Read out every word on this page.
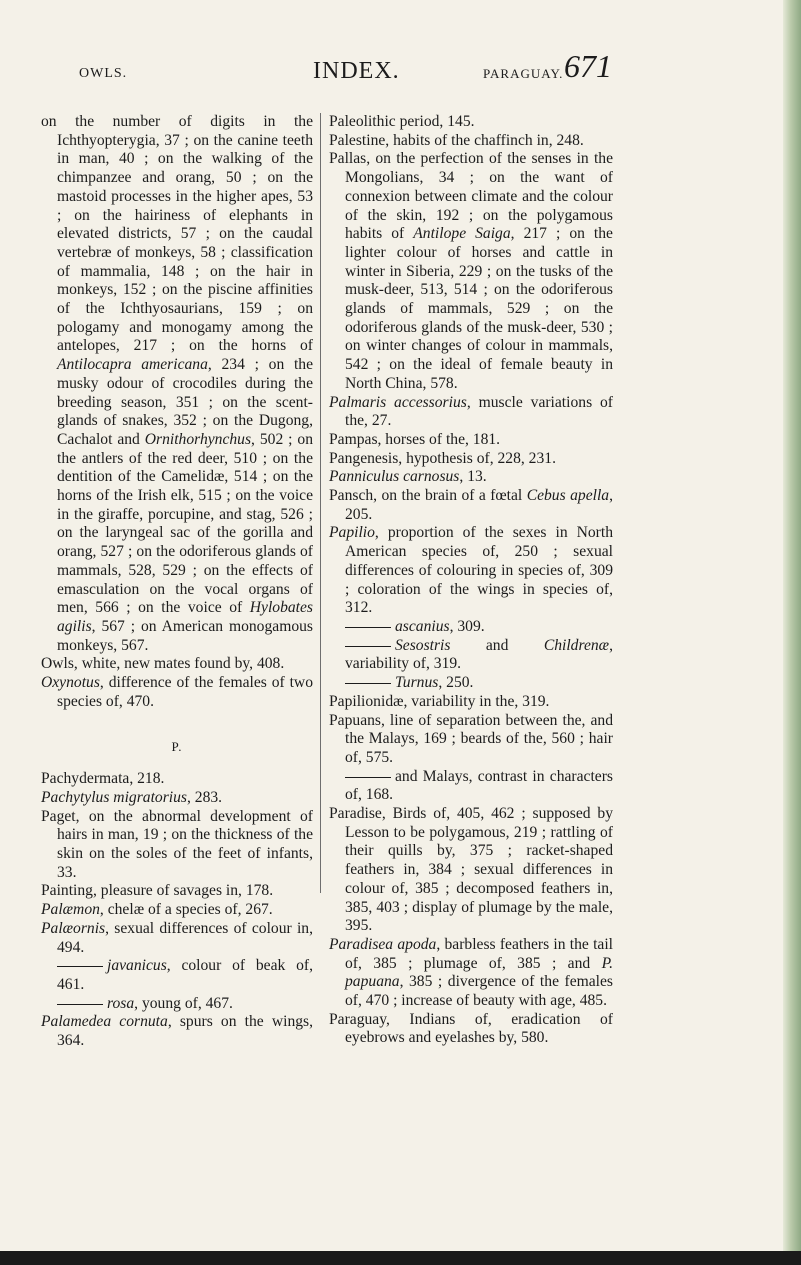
OWLS.	INDEX.	PARAGUAY. 671
on the number of digits in the Ichthyopterygia, 37 ; on the canine teeth in man, 40 ; on the walking of the chimpanzee and orang, 50 ; on the mastoid processes in the higher apes, 53 ; on the hairiness of elephants in elevated districts, 57 ; on the caudal vertebræ of monkeys, 58 ; classification of mammalia, 148 ; on the hair in monkeys, 152 ; on the piscine affinities of the Ichthyosaurians, 159 ; on pologamy and monogamy among the antelopes, 217 ; on the horns of Antilocapra americana, 234 ; on the musky odour of crocodiles during the breeding season, 351 ; on the scent-glands of snakes, 352 ; on the Dugong, Cachalot and Ornithorhynchus, 502 ; on the antlers of the red deer, 510 ; on the dentition of the Camelidæ, 514 ; on the horns of the Irish elk, 515 ; on the voice in the giraffe, porcupine, and stag, 526 ; on the laryngeal sac of the gorilla and orang, 527 ; on the odoriferous glands of mammals, 528, 529 ; on the effects of emasculation on the vocal organs of men, 566 ; on the voice of Hylobates agilis, 567 ; on American monogamous monkeys, 567.
Owls, white, new mates found by, 408.
Oxynotus, difference of the females of two species of, 470.
P.
Pachydermata, 218.
Pachytylus migratorius, 283.
Paget, on the abnormal development of hairs in man, 19 ; on the thickness of the skin on the soles of the feet of infants, 33.
Painting, pleasure of savages in, 178.
Palæmon, chelæ of a species of, 267.
Palæornis, sexual differences of colour in, 494.
javanicus, colour of beak of, 461.
rosa, young of, 467.
Palamedea cornuta, spurs on the wings, 364.
Paleolithic period, 145.
Palestine, habits of the chaffinch in, 248.
Pallas, on the perfection of the senses in the Mongolians, 34 ; on the want of connexion between climate and the colour of the skin, 192 ; on the polygamous habits of Antilope Saiga, 217 ; on the lighter colour of horses and cattle in winter in Siberia, 229 ; on the tusks of the musk-deer, 513, 514 ; on the odoriferous glands of mammals, 529 ; on the odoriferous glands of the musk-deer, 530 ; on winter changes of colour in mammals, 542 ; on the ideal of female beauty in North China, 578.
Palmaris accessorius, muscle variations of the, 27.
Pampas, horses of the, 181.
Pangenesis, hypothesis of, 228, 231.
Panniculus carnosus, 13.
Pansch, on the brain of a fœtal Cebus apella, 205.
Papilio, proportion of the sexes in North American species of, 250 ; sexual differences of colouring in species of, 309 ; coloration of the wings in species of, 312.
ascanius, 309.
Sesostris and Childrenæ, variability of, 319.
Turnus, 250.
Papilionidæ, variability in the, 319.
Papuans, line of separation between the, and the Malays, 169 ; beards of the, 560 ; hair of, 575.
and Malays, contrast in characters of, 168.
Paradise, Birds of, 405, 462 ; supposed by Lesson to be polygamous, 219 ; rattling of their quills by, 375 ; racket-shaped feathers in, 384 ; sexual differences in colour of, 385 ; decomposed feathers in, 385, 403 ; display of plumage by the male, 395.
Paradisea apoda, barbless feathers in the tail of, 385 ; plumage of, 385 ; and P. papuana, 385 ; divergence of the females of, 470 ; increase of beauty with age, 485.
Paraguay, Indians of, eradication of eyebrows and eyelashes by, 580.
